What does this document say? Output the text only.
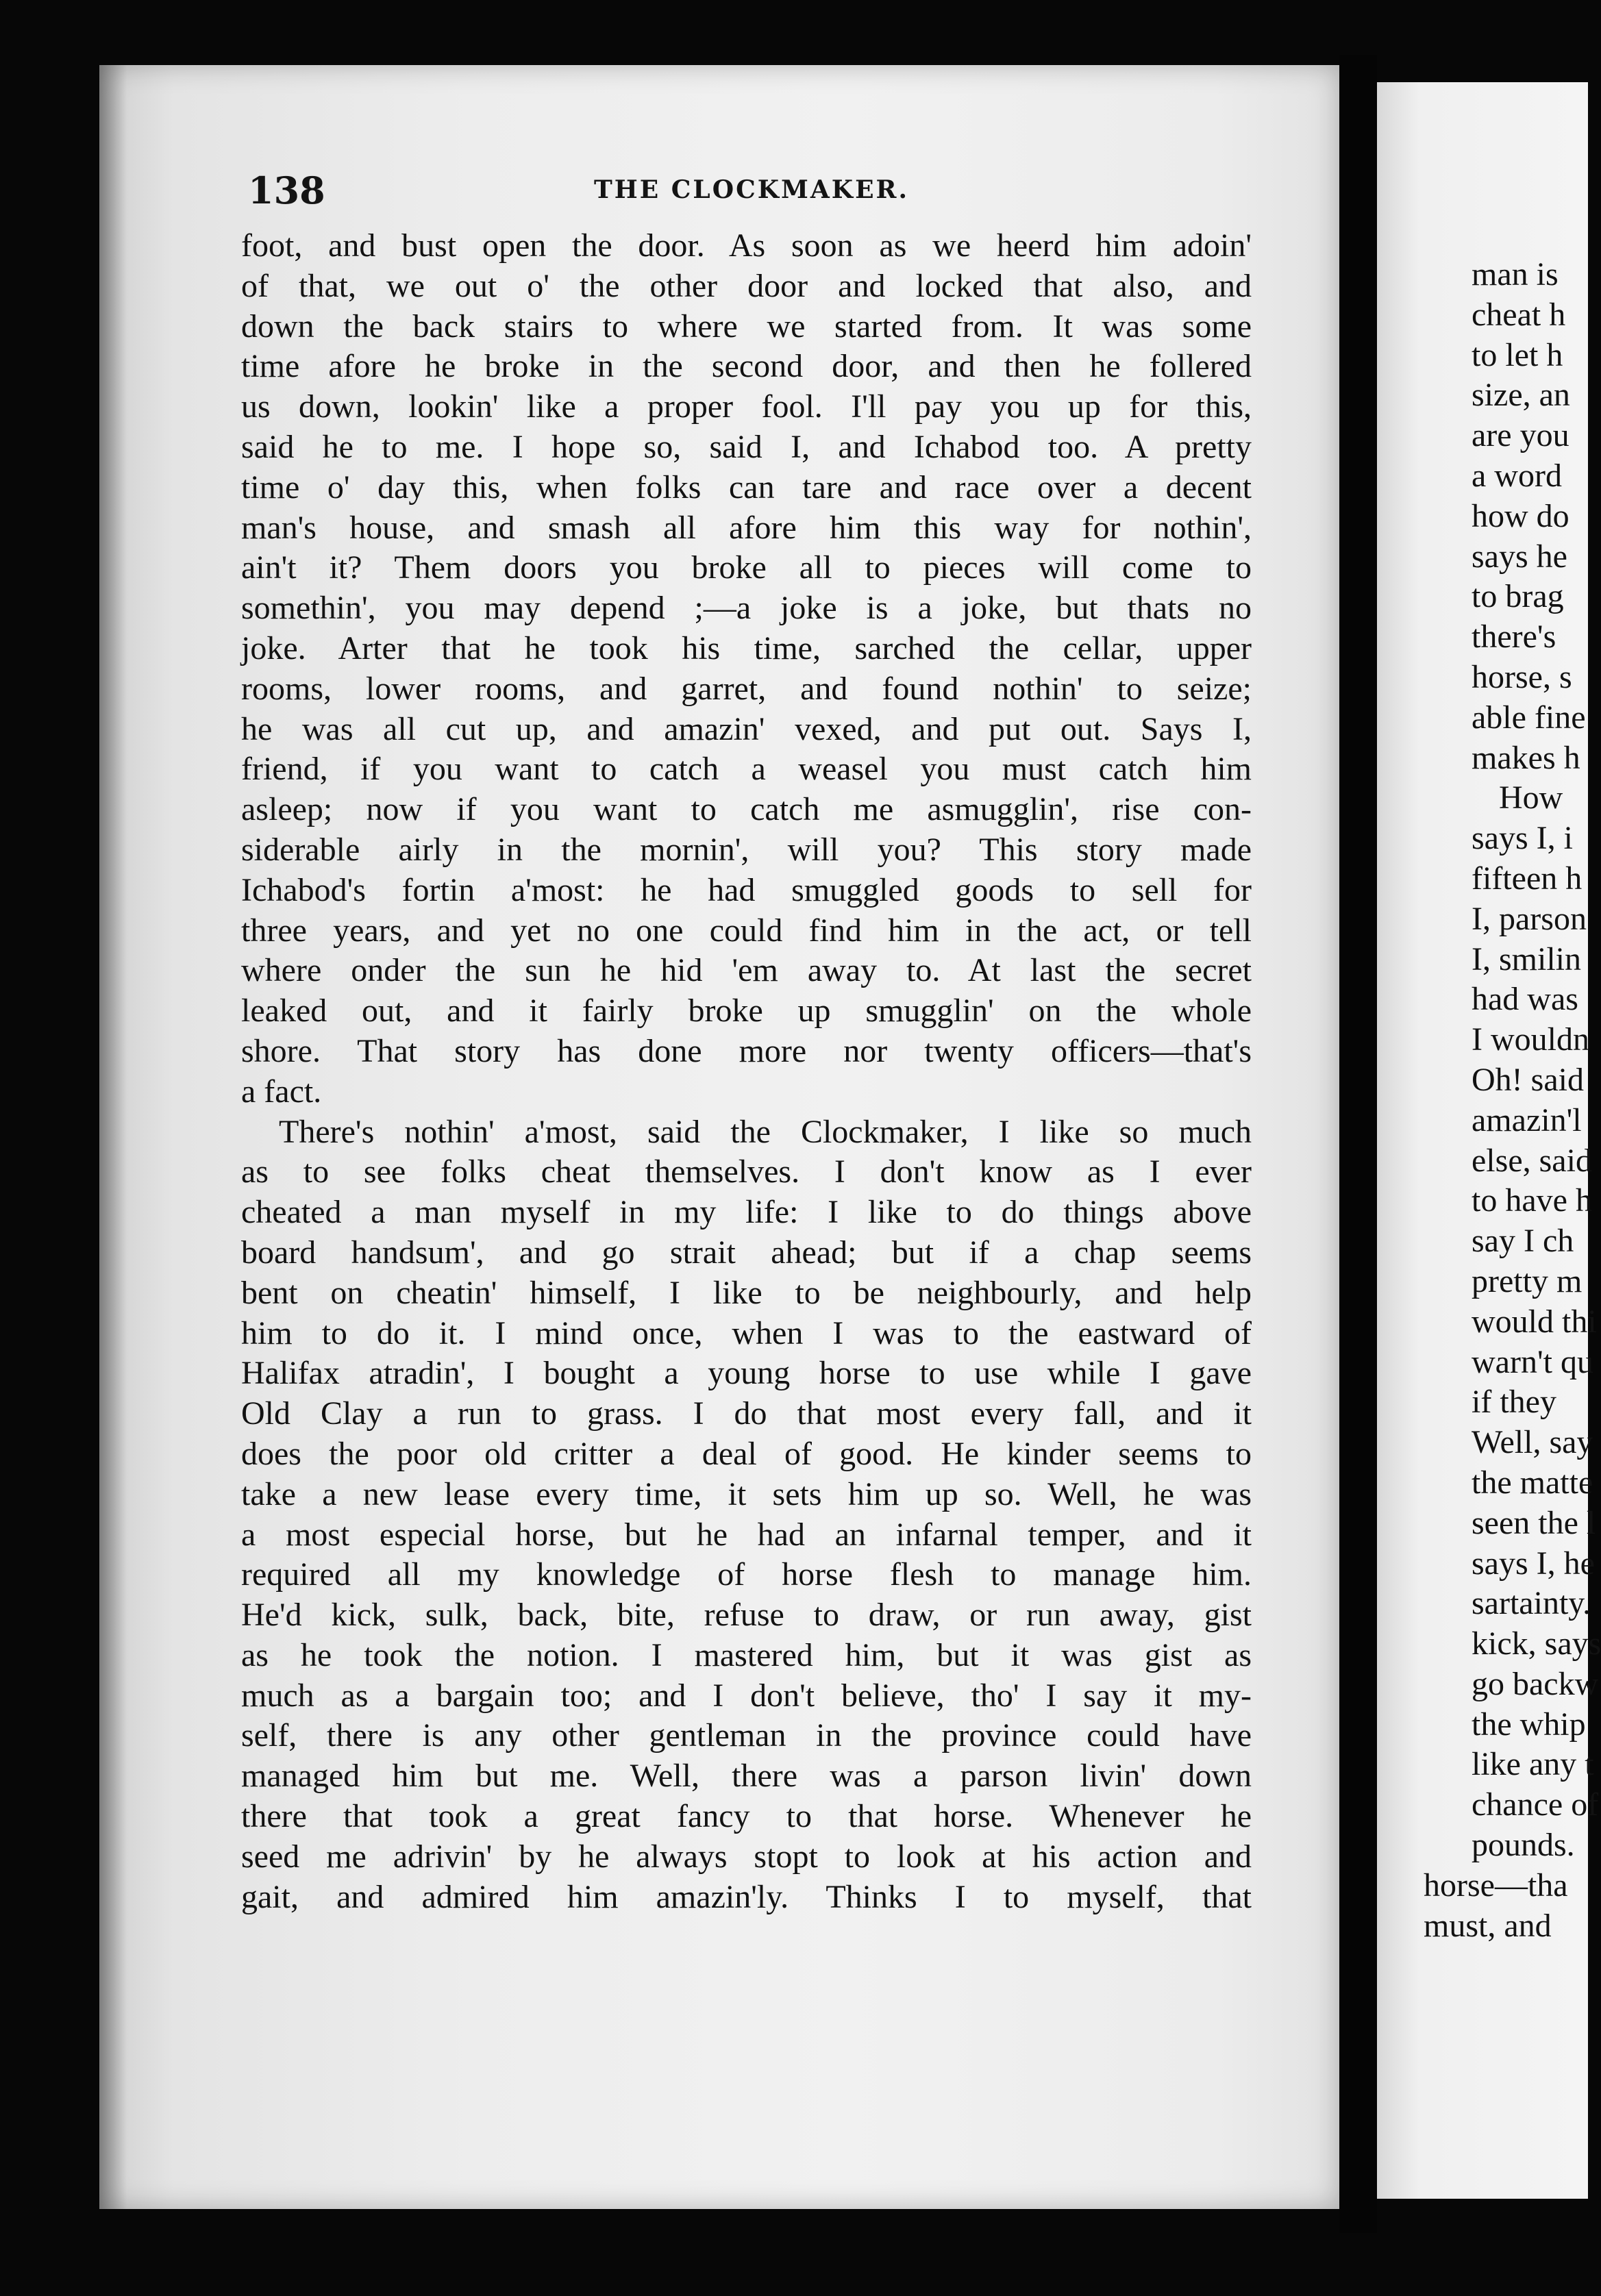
138	THE CLOCKMAKER.
foot, and bust open the door. As soon as we heerd him adoin'
of that, we out o' the other door and locked that also, and
down the back stairs to where we started from. It was some
time afore he broke in the second door, and then he follered
us down, lookin' like a proper fool. I'll pay you up for this,
said he to me. I hope so, said I, and Ichabod too. A pretty
time o' day this, when folks can tare and race over a decent
man's house, and smash all afore him this way for nothin',
ain't it? Them doors you broke all to pieces will come to
somethin', you may depend ;—a joke is a joke, but thats no
joke. Arter that he took his time, sarched the cellar, upper
rooms, lower rooms, and garret, and found nothin' to seize;
he was all cut up, and amazin' vexed, and put out. Says I,
friend, if you want to catch a weasel you must catch him
asleep; now if you want to catch me asmugglin', rise con-
siderable airly in the mornin', will you? This story made
Ichabod's fortin a'most: he had smuggled goods to sell for
three years, and yet no one could find him in the act, or tell
where onder the sun he hid 'em away to. At last the secret
leaked out, and it fairly broke up smugglin' on the whole
shore. That story has done more nor twenty officers—that's
a fact.
There's nothin' a'most, said the Clockmaker, I like so much
as to see folks cheat themselves. I don't know as I ever
cheated a man myself in my life: I like to do things above
board handsum', and go strait ahead; but if a chap seems
bent on cheatin' himself, I like to be neighbourly, and help
him to do it. I mind once, when I was to the eastward of
Halifax atradin', I bought a young horse to use while I gave
Old Clay a run to grass. I do that most every fall, and it
does the poor old critter a deal of good. He kinder seems to
take a new lease every time, it sets him up so. Well, he was
a most especial horse, but he had an infarnal temper, and it
required all my knowledge of horse flesh to manage him.
He'd kick, sulk, back, bite, refuse to draw, or run away, gist
as he took the notion. I mastered him, but it was gist as
much as a bargain too; and I don't believe, tho' I say it my-
self, there is any other gentleman in the province could have
managed him but me. Well, there was a parson livin' down
there that took a great fancy to that horse. Whenever he
seed me adrivin' by he always stopt to look at his action and
gait, and admired him amazin'ly. Thinks I to myself, that
man is
cheat h
to let h
size, an
are you
a word
how do
says he
to brag
there's
horse, s
able fine
makes h
How
says I, i
fifteen h
I, parson
I, smilin
had was
I wouldn
Oh! said
amazin'l
else, said
to have h
say I ch
pretty m
would thi
warn't qu
if they
Well, say
the matte
seen the l
says I, he
sartainty.
kick, says
go backw
the whip
like any t
chance of
pounds.
horse—tha
must, and
